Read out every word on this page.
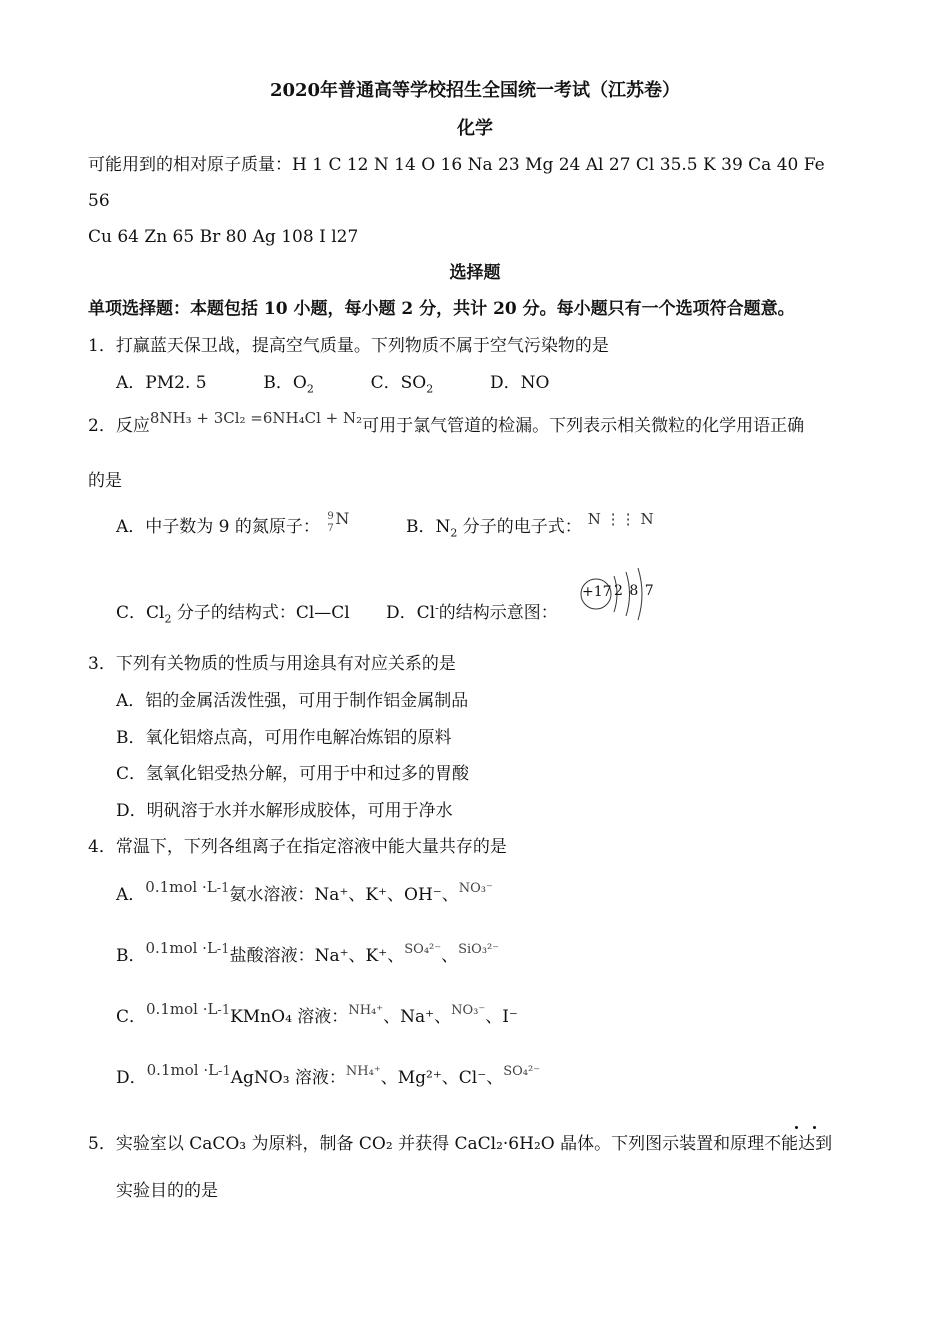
2020年普通高等学校招生全国统一考试（江苏卷）
化学
可能用到的相对原子质量：H 1 C 12 N 14 O 16 Na 23 Mg 24 Al 27 Cl 35.5 K 39 Ca 40 Fe
56
Cu 64 Zn 65 Br 80 Ag 108 I l27
选择题
单项选择题：本题包括 10 小题，每小题 2 分，共计 20 分。每小题只有一个选项符合题意。
1．打赢蓝天保卫战，提高空气质量。下列物质不属于空气污染物的是
A．PM2. 5	B．$O_2$	C．$SO_2$	D．NO
2．反应8NH₃ + 3Cl₂ =6NH₄Cl + N₂可用于氯气管道的检漏。下列表示相关微粒的化学用语正确
的是
A．中子数为 9 的氮原子：
9
7
N	B．$N_2$ 分子的电子式： N ⋮⋮ N
C．$Cl_2$ 分子的结构式：Cl—Cl D．Cl-的结构示意图：
+17 2 8 7
3．下列有关物质的性质与用途具有对应关系的是
A．铝的金属活泼性强，可用于制作铝金属制品
B．氧化铝熔点高，可用作电解冶炼铝的原料
C．氢氧化铝受热分解，可用于中和过多的胃酸
D．明矾溶于水并水解形成胶体，可用于净水
4．常温下，下列各组离子在指定溶液中能大量共存的是
A．$0.1mol \cdot L^{-1}$氨水溶液：Na⁺、K⁺、OH⁻、$^{NO_3^-}$
B．$0.1mol \cdot L^{-1}$盐酸溶液：Na⁺、K⁺、$^{SO_4^{2-}}$、$^{SiO_3^{2-}}$
C．$0.1mol \cdot L^{-1}KMnO_4$ 溶液：$^{NH_4^+}$、Na⁺、$^{NO_3^-}$、I⁻
D．$0.1mol \cdot L^{-1}AgNO_3$ 溶液：$^{NH_4^+}$、Mg²⁺、Cl⁻、$^{SO_4^{2-}}$
5．实验室以 CaCO₃ 为原料，制备 CO₂ 并获得 CaCl₂·6H₂O 晶体。下列图示装置和原理不能达到
实验目的的是
